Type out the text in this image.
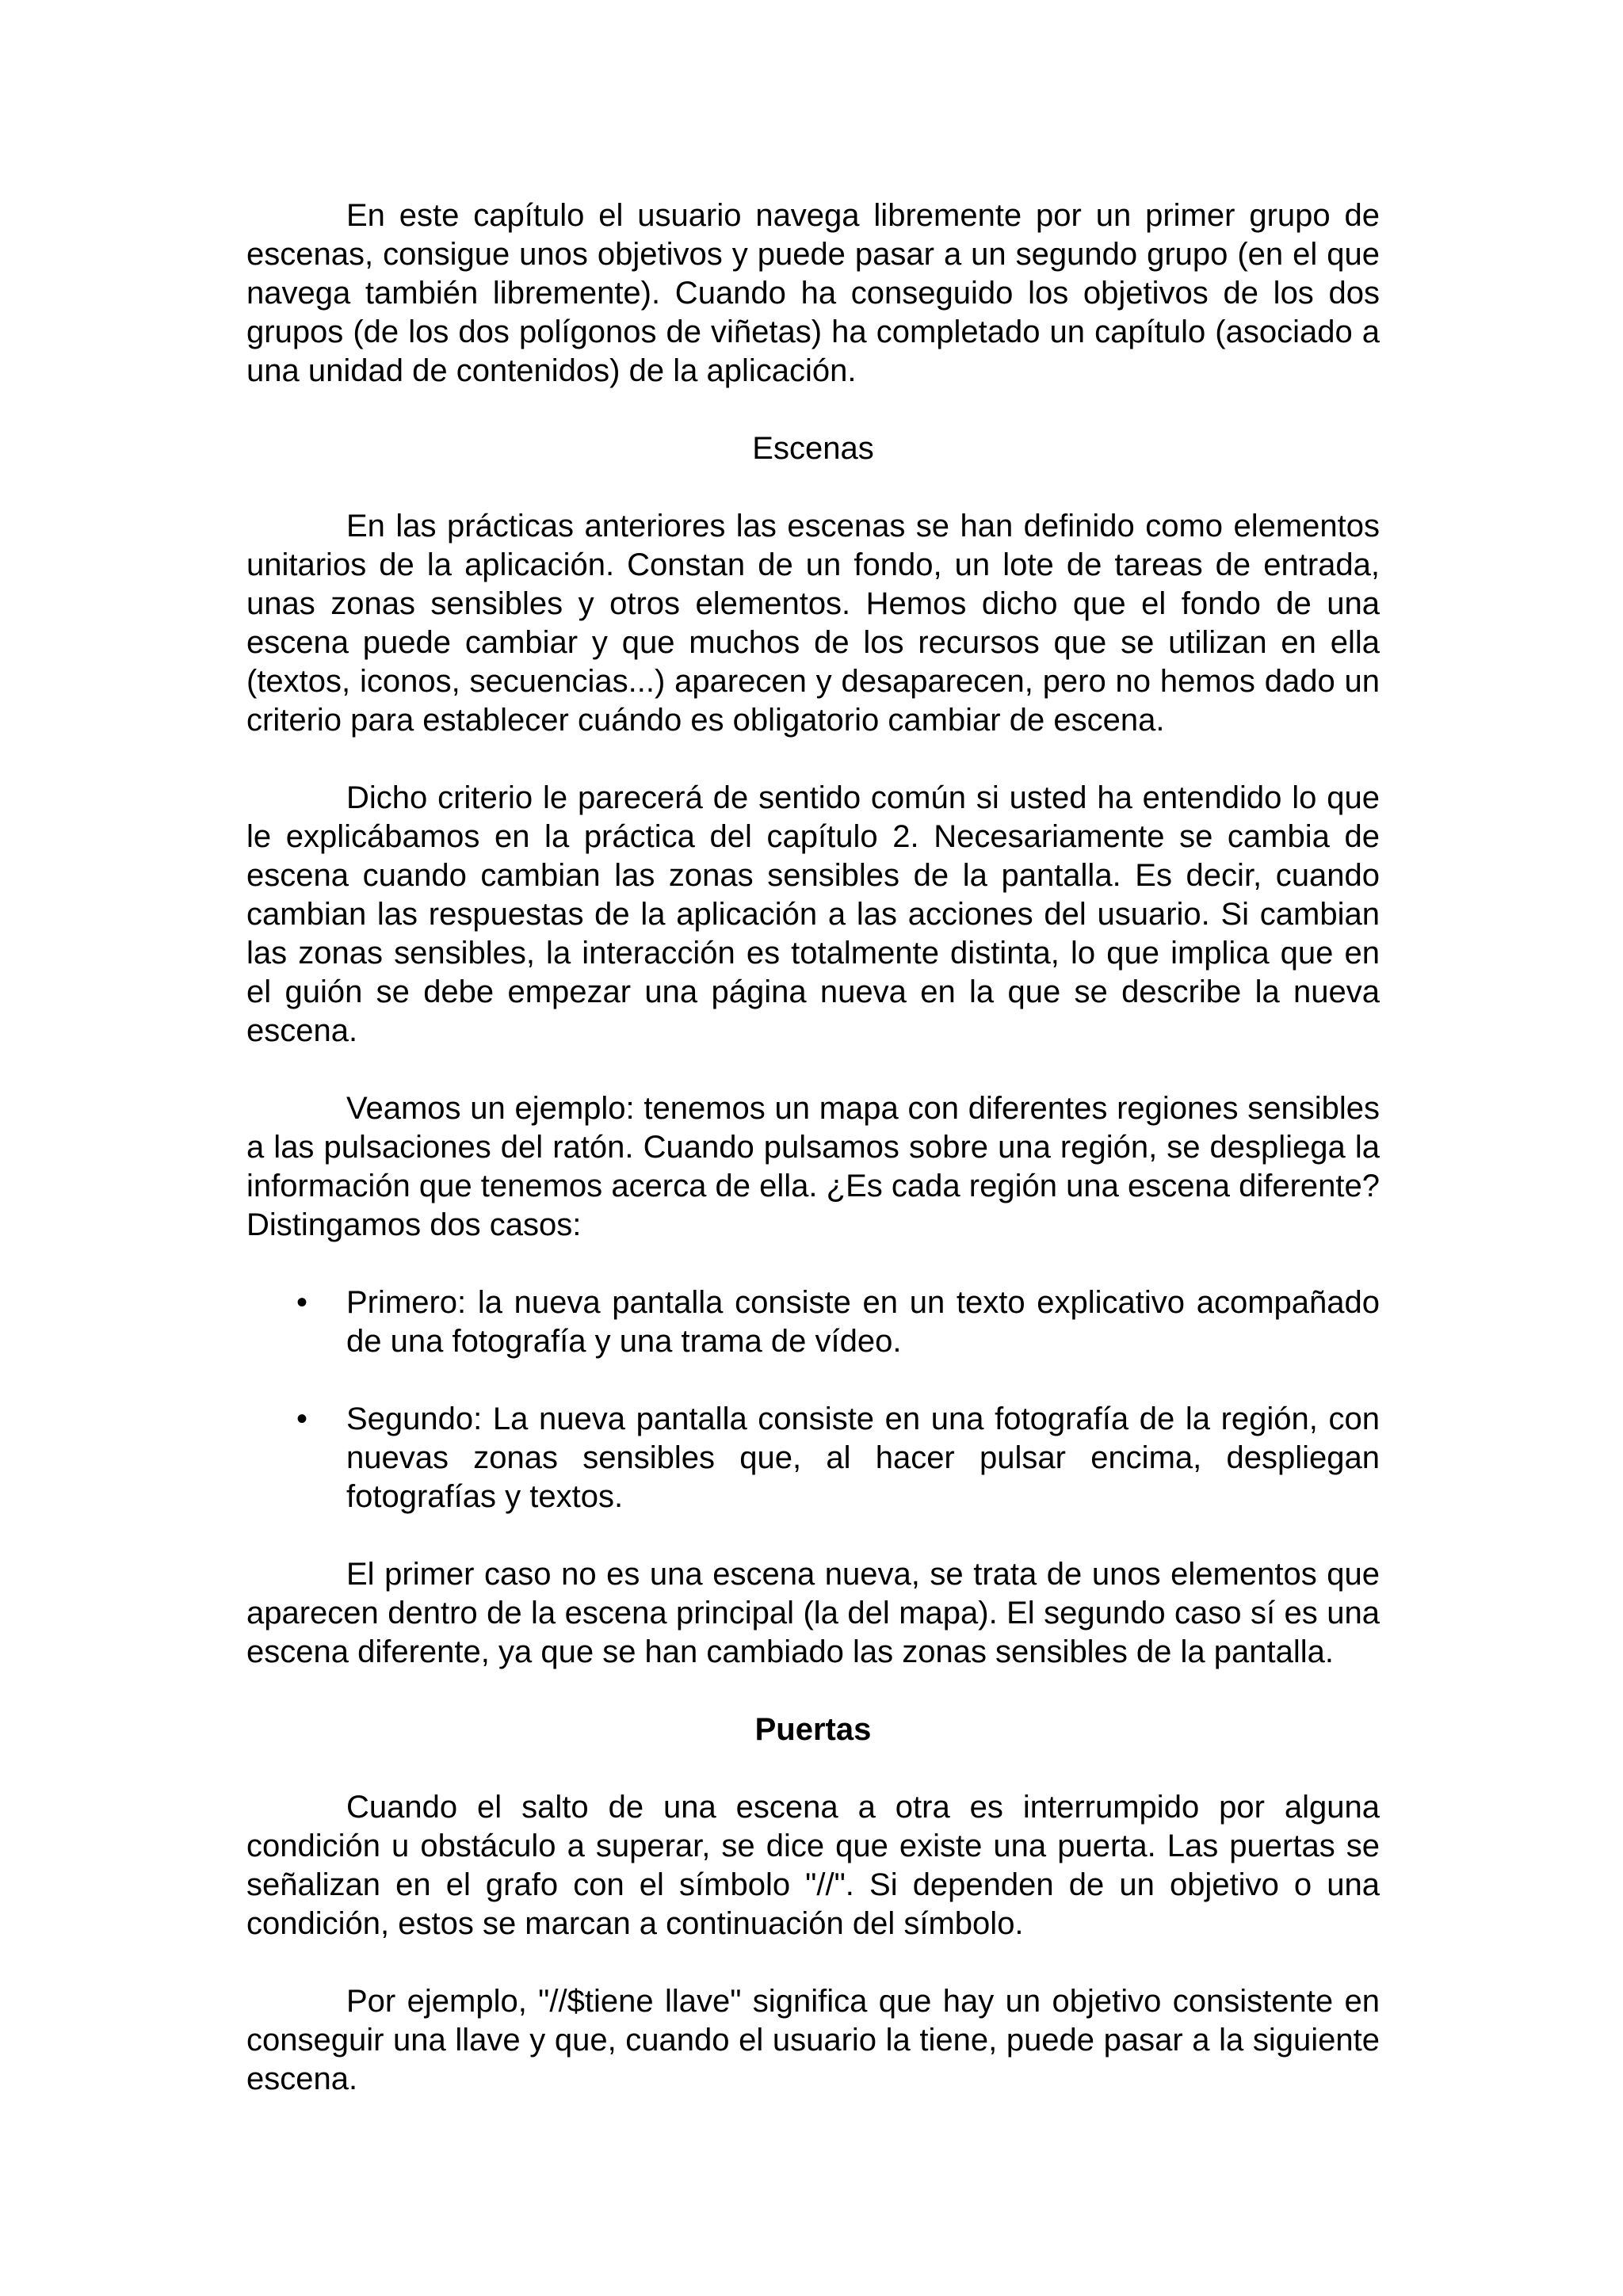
En este capítulo el usuario navega libremente por un primer grupo de escenas, consigue unos objetivos y puede pasar a un segundo grupo (en el que navega también libremente). Cuando ha conseguido los objetivos de los dos grupos (de los dos polígonos de viñetas) ha completado un capítulo (asociado a una unidad de contenidos) de la aplicación.

Escenas

En las prácticas anteriores las escenas se han definido como elementos unitarios de la aplicación. Constan de un fondo, un lote de tareas de entrada, unas zonas sensibles y otros elementos. Hemos dicho que el fondo de una escena puede cambiar y que muchos de los recursos que se utilizan en ella (textos, iconos, secuencias...) aparecen y desaparecen, pero no hemos dado un criterio para establecer cuándo es obligatorio cambiar de escena.

Dicho criterio le parecerá de sentido común si usted ha entendido lo que le explicábamos en la práctica del capítulo 2. Necesariamente se cambia de escena cuando cambian las zonas sensibles de la pantalla. Es decir, cuando cambian las respuestas de la aplicación a las acciones del usuario. Si cambian las zonas sensibles, la interacción es totalmente distinta, lo que implica que en el guión se debe empezar una página nueva en la que se describe la nueva escena.

Veamos un ejemplo: tenemos un mapa con diferentes regiones sensibles a las pulsaciones del ratón. Cuando pulsamos sobre una región, se despliega la información que tenemos acerca de ella. ¿Es cada región una escena diferente? Distingamos dos casos:

• Primero: la nueva pantalla consiste en un texto explicativo acompañado de una fotografía y una trama de vídeo.
• Segundo: La nueva pantalla consiste en una fotografía de la región, con nuevas zonas sensibles que, al hacer pulsar encima, despliegan fotografías y textos.

El primer caso no es una escena nueva, se trata de unos elementos que aparecen dentro de la escena principal (la del mapa). El segundo caso sí es una escena diferente, ya que se han cambiado las zonas sensibles de la pantalla.

Puertas

Cuando el salto de una escena a otra es interrumpido por alguna condición u obstáculo a superar, se dice que existe una puerta. Las puertas se señalizan en el grafo con el símbolo "//". Si dependen de un objetivo o una condición, estos se marcan a continuación del símbolo.

Por ejemplo, "//$tiene llave" significa que hay un objetivo consistente en conseguir una llave y que, cuando el usuario la tiene, puede pasar a la siguiente escena.
